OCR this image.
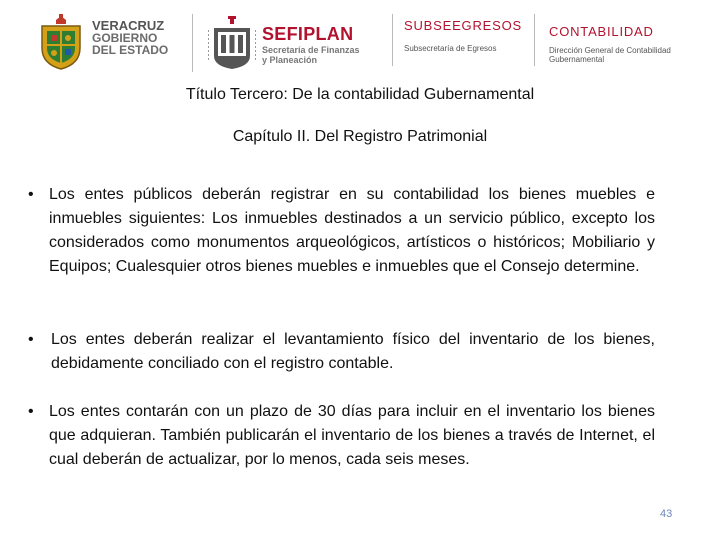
VERACRUZ
GOBIERNO
DEL ESTADO
SEFIPLAN
Secretaría de Finanzas
y Planeación
SUBSEEGRESOS
Subsecretaría de Egresos
CONTABILIDAD
Dirección General de Contabilidad
Gubernamental
Título Tercero: De la contabilidad Gubernamental
Capítulo II. Del Registro Patrimonial
• Los entes públicos deberán registrar en su contabilidad los bienes muebles e inmuebles siguientes: Los inmuebles destinados a un servicio público, excepto los considerados como monumentos arqueológicos, artísticos o históricos; Mobiliario y Equipos; Cualesquier otros bienes muebles e inmuebles que el Consejo determine.
• Los entes deberán realizar el levantamiento físico del inventario de los bienes, debidamente conciliado con el registro contable.
• Los entes contarán con un plazo de 30 días para incluir en el inventario los bienes que adquieran. También publicarán el inventario de los bienes a través de Internet, el cual deberán de actualizar, por lo menos, cada seis meses.
43
